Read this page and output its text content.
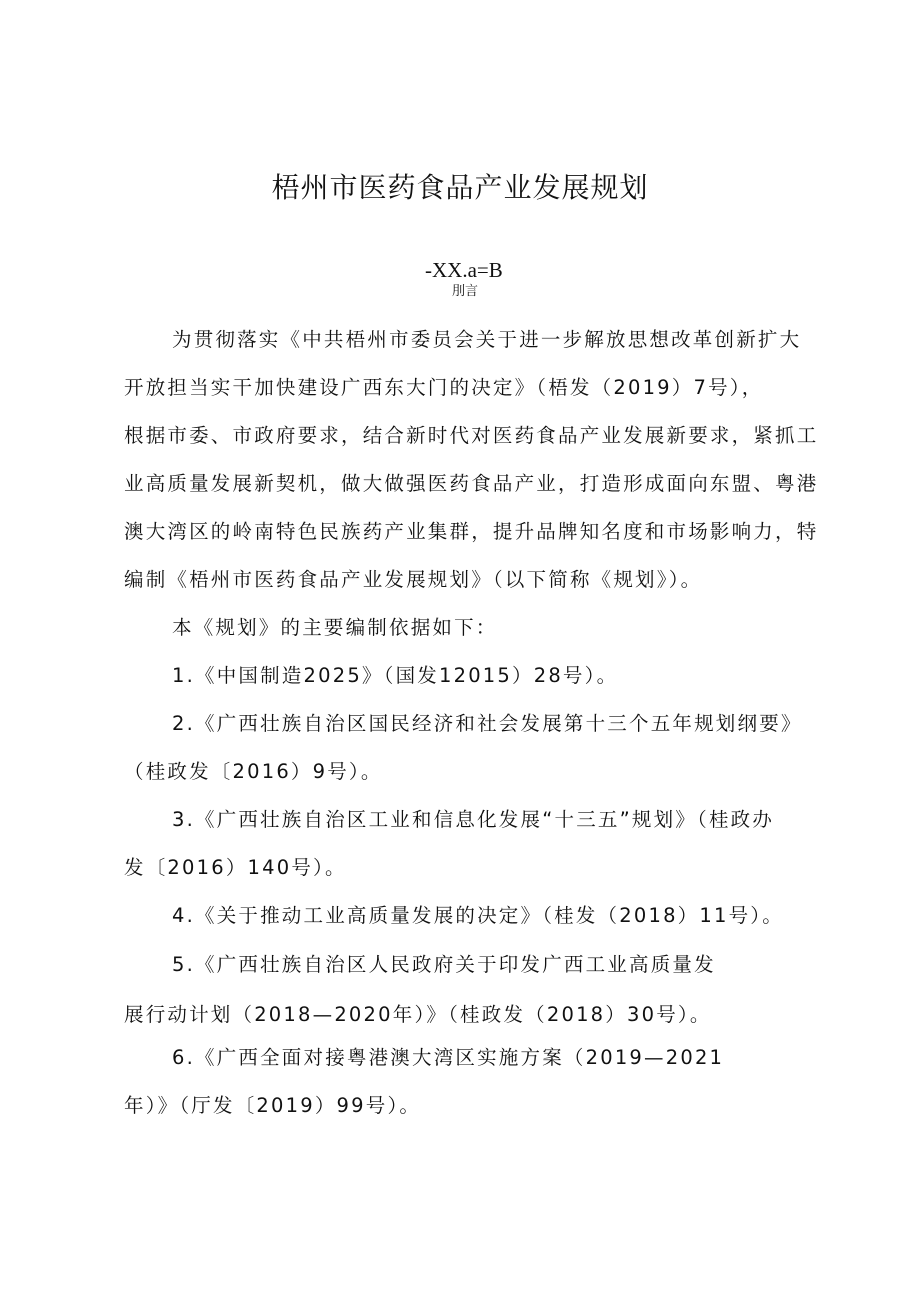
梧州市医药食品产业发展规划
-XX.a=B
刖言

为贯彻落实《中共梧州市委员会关于进一步解放思想改革创新扩大

开放担当实干加快建设广西东大门的决定》（梧发（2019）7号），

根据市委、市政府要求，结合新时代对医药食品产业发展新要求，紧抓工

业高质量发展新契机，做大做强医药食品产业，打造形成面向东盟、粤港

澳大湾区的岭南特色民族药产业集群，提升品牌知名度和市场影响力，特

编制《梧州市医药食品产业发展规划》（以下简称《规划》）。

本《规划》的主要编制依据如下：

1.《中国制造2025》（国发12015）28号）。

2.《广西壮族自治区国民经济和社会发展第十三个五年规划纲要》

（桂政发〔2016）9号）。

3.《广西壮族自治区工业和信息化发展“十三五”规划》（桂政办

发〔2016）140号）。

4.《关于推动工业高质量发展的决定》（桂发（2018）11号）。

5.《广西壮族自治区人民政府关于印发广西工业高质量发

展行动计划（2018—2020年）》（桂政发（2018）30号）。

6.《广西全面对接粤港澳大湾区实施方案（2019—2021

年）》（厅发〔2019）99号）。
